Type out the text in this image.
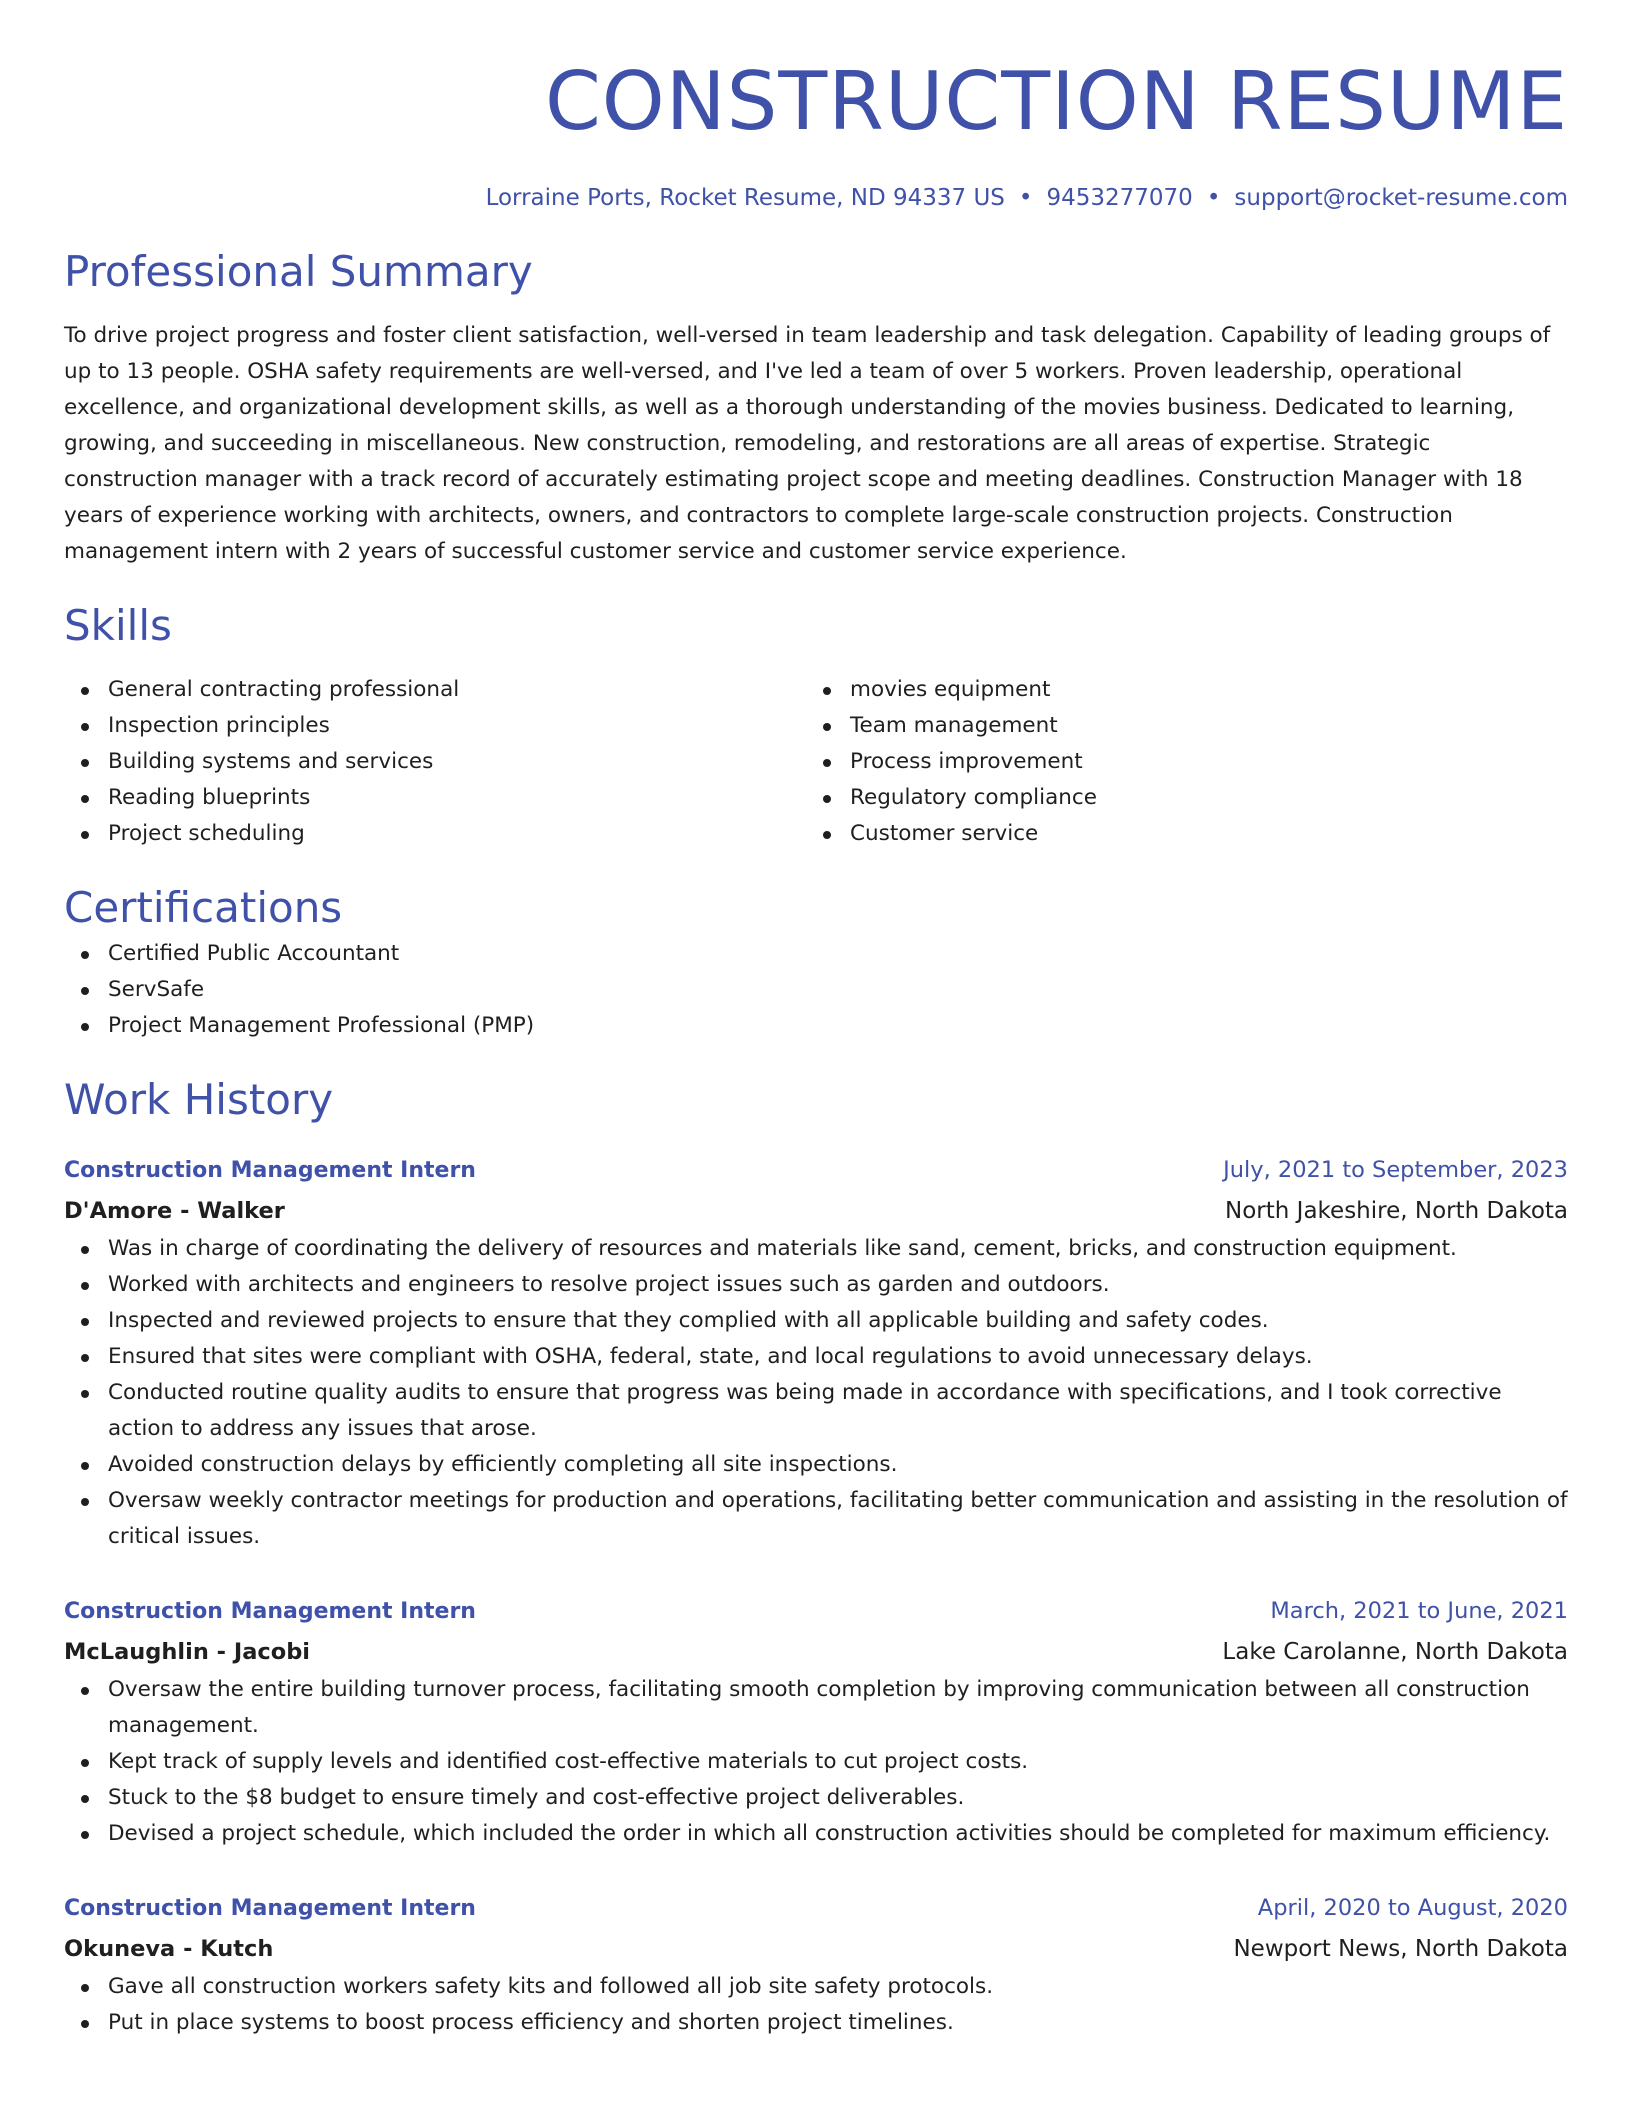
CONSTRUCTION RESUME
Lorraine Ports, Rocket Resume, ND 94337 US • 9453277070 • support@rocket-resume.com
Professional Summary
To drive project progress and foster client satisfaction, well-versed in team leadership and task delegation. Capability of leading groups of up to 13 people. OSHA safety requirements are well-versed, and I've led a team of over 5 workers. Proven leadership, operational excellence, and organizational development skills, as well as a thorough understanding of the movies business. Dedicated to learning, growing, and succeeding in miscellaneous. New construction, remodeling, and restorations are all areas of expertise. Strategic construction manager with a track record of accurately estimating project scope and meeting deadlines. Construction Manager with 18 years of experience working with architects, owners, and contractors to complete large-scale construction projects. Construction management intern with 2 years of successful customer service and customer service experience.
Skills
General contracting professional
Inspection principles
Building systems and services
Reading blueprints
Project scheduling
movies equipment
Team management
Process improvement
Regulatory compliance
Customer service
Certifications
Certified Public Accountant
ServSafe
Project Management Professional (PMP)
Work History
Construction Management Intern	July, 2021 to September, 2023
D'Amore - Walker	North Jakeshire, North Dakota
Was in charge of coordinating the delivery of resources and materials like sand, cement, bricks, and construction equipment.
Worked with architects and engineers to resolve project issues such as garden and outdoors.
Inspected and reviewed projects to ensure that they complied with all applicable building and safety codes.
Ensured that sites were compliant with OSHA, federal, state, and local regulations to avoid unnecessary delays.
Conducted routine quality audits to ensure that progress was being made in accordance with specifications, and I took corrective action to address any issues that arose.
Avoided construction delays by efficiently completing all site inspections.
Oversaw weekly contractor meetings for production and operations, facilitating better communication and assisting in the resolution of critical issues.
Construction Management Intern	March, 2021 to June, 2021
McLaughlin - Jacobi	Lake Carolanne, North Dakota
Oversaw the entire building turnover process, facilitating smooth completion by improving communication between all construction management.
Kept track of supply levels and identified cost-effective materials to cut project costs.
Stuck to the $8 budget to ensure timely and cost-effective project deliverables.
Devised a project schedule, which included the order in which all construction activities should be completed for maximum efficiency.
Construction Management Intern	April, 2020 to August, 2020
Okuneva - Kutch	Newport News, North Dakota
Gave all construction workers safety kits and followed all job site safety protocols.
Put in place systems to boost process efficiency and shorten project timelines.
